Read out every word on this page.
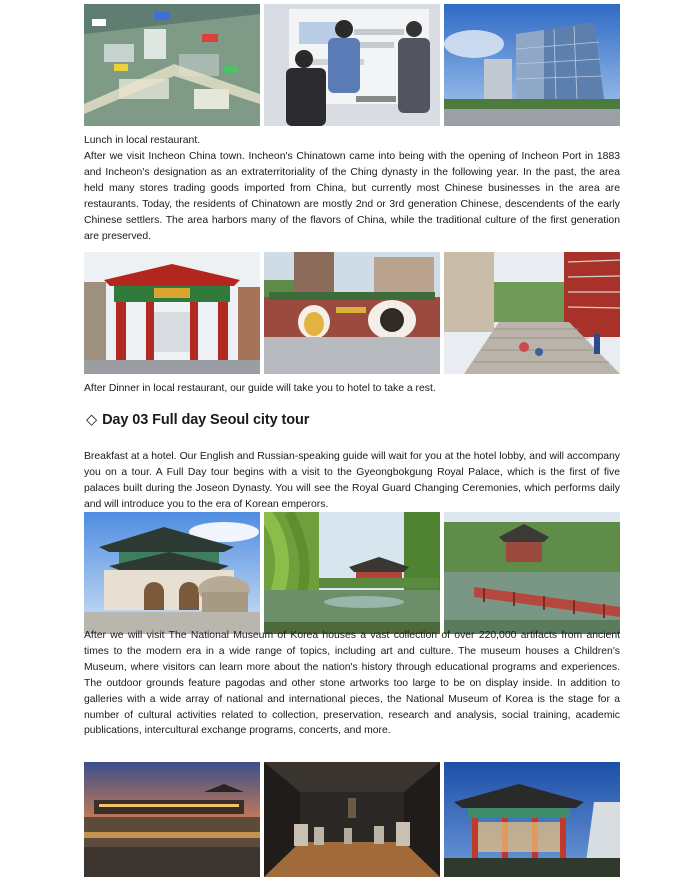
Lunch in local restaurant.

After we visit Incheon China town. Incheon's Chinatown came into being with the opening of Incheon Port in 1883 and Incheon's designation as an extraterritoriality of the Ching dynasty in the following year. In the past, the area held many stores trading goods imported from China, but currently most Chinese businesses in the area are restaurants. Today, the residents of Chinatown are mostly 2nd or 3rd generation Chinese, descendents of the early Chinese settlers. The area harbors many of the flavors of China, while the traditional culture of the first generation are preserved.

After Dinner in local restaurant, our guide will take you to hotel to take a rest.

◇ Day 03 Full day Seoul city tour

Breakfast at a hotel. Our English and Russian-speaking guide will wait for you at the hotel lobby, and will accompany you on a tour. A Full Day tour begins with a visit to the Gyeongbokgung Royal Palace, which is the first of five palaces built during the Joseon Dynasty. You will see the Royal Guard Changing Ceremonies, which performs daily and will introduce you to the era of Korean emperors.

After we will visit The National Museum of Korea houses a vast collection of over 220,000 artifacts from ancient times to the modern era in a wide range of topics, including art and culture. The museum houses a Children's Museum, where visitors can learn more about the nation's history through educational programs and experiences. The outdoor grounds feature pagodas and other stone artworks too large to be on display inside. In addition to galleries with a wide array of national and international pieces, the National Museum of Korea is the stage for a number of cultural activities related to collection, preservation, research and analysis, social training, academic publications, intercultural exchange programs, concerts, and more.
